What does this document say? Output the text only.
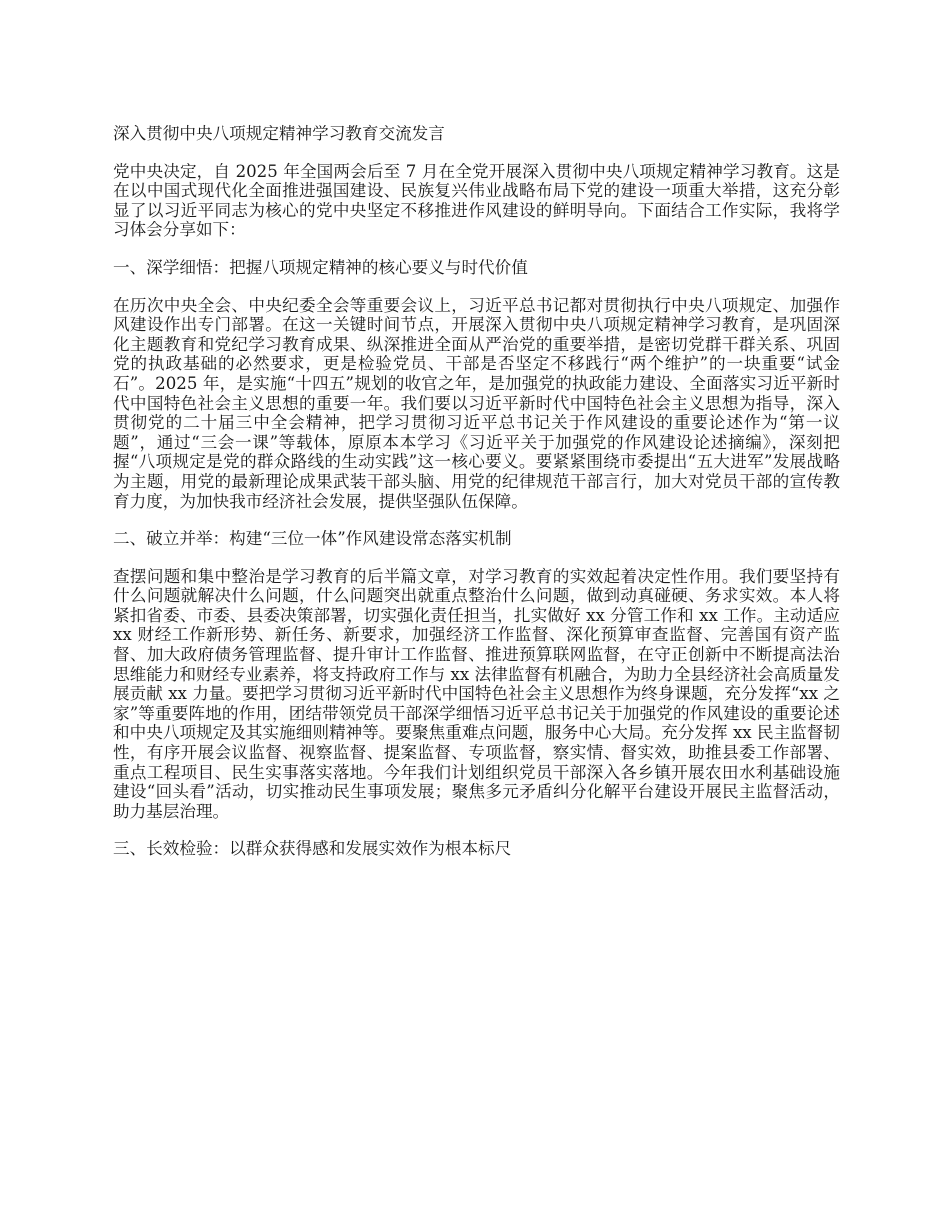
深入贯彻中央八项规定精神学习教育交流发言
党中央决定，自 2025 年全国两会后至 7 月在全党开展深入贯彻中央八项规定精神学习教育。这是在以中国式现代化全面推进强国建设、民族复兴伟业战略布局下党的建设一项重大举措，这充分彰显了以习近平同志为核心的党中央坚定不移推进作风建设的鲜明导向。下面结合工作实际，我将学习体会分享如下：
一、深学细悟：把握八项规定精神的核心要义与时代价值
在历次中央全会、中央纪委全会等重要会议上，习近平总书记都对贯彻执行中央八项规定、加强作风建设作出专门部署。在这一关键时间节点，开展深入贯彻中央八项规定精神学习教育，是巩固深化主题教育和党纪学习教育成果、纵深推进全面从严治党的重要举措，是密切党群干群关系、巩固党的执政基础的必然要求，更是检验党员、干部是否坚定不移践行“两个维护”的一块重要“试金石”。2025 年，是实施“十四五”规划的收官之年，是加强党的执政能力建设、全面落实习近平新时代中国特色社会主义思想的重要一年。我们要以习近平新时代中国特色社会主义思想为指导，深入贯彻党的二十届三中全会精神，把学习贯彻习近平总书记关于作风建设的重要论述作为“第一议题”，通过“三会一课”等载体，原原本本学习《习近平关于加强党的作风建设论述摘编》，深刻把握“八项规定是党的群众路线的生动实践”这一核心要义。要紧紧围绕市委提出“五大进军”发展战略为主题，用党的最新理论成果武装干部头脑、用党的纪律规范干部言行，加大对党员干部的宣传教育力度，为加快我市经济社会发展，提供坚强队伍保障。
二、破立并举：构建“三位一体”作风建设常态落实机制
查摆问题和集中整治是学习教育的后半篇文章，对学习教育的实效起着决定性作用。我们要坚持有什么问题就解决什么问题，什么问题突出就重点整治什么问题，做到动真碰硬、务求实效。本人将紧扣省委、市委、县委决策部署，切实强化责任担当，扎实做好 xx 分管工作和 xx 工作。主动适应 xx 财经工作新形势、新任务、新要求，加强经济工作监督、深化预算审查监督、完善国有资产监督、加大政府债务管理监督、提升审计工作监督、推进预算联网监督，在守正创新中不断提高法治思维能力和财经专业素养，将支持政府工作与 xx 法律监督有机融合，为助力全县经济社会高质量发展贡献 xx 力量。要把学习贯彻习近平新时代中国特色社会主义思想作为终身课题，充分发挥“xx 之家”等重要阵地的作用，团结带领党员干部深学细悟习近平总书记关于加强党的作风建设的重要论述和中央八项规定及其实施细则精神等。要聚焦重难点问题，服务中心大局。充分发挥 xx 民主监督韧性，有序开展会议监督、视察监督、提案监督、专项监督，察实情、督实效，助推县委工作部署、重点工程项目、民生实事落实落地。今年我们计划组织党员干部深入各乡镇开展农田水利基础设施建设“回头看”活动，切实推动民生事项发展；聚焦多元矛盾纠分化解平台建设开展民主监督活动，助力基层治理。
三、长效检验：以群众获得感和发展实效作为根本标尺
